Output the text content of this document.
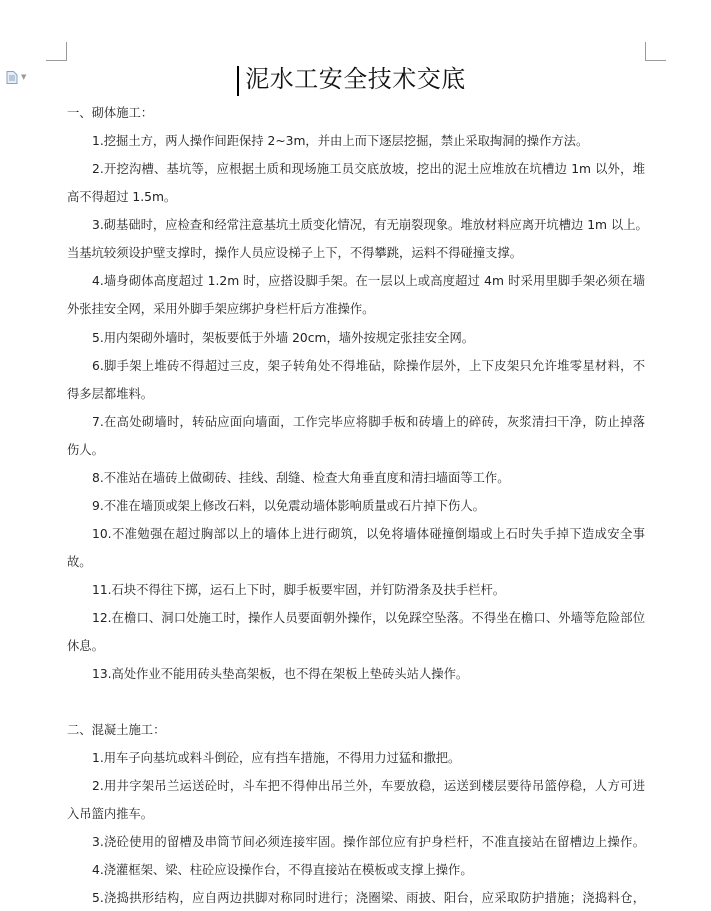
▼	泥水工安全技术交底
一、砌体施工：
1.挖掘土方，两人操作间距保持 2~3m，并由上而下逐层挖掘，禁止采取掏洞的操作方法。
2.开挖沟槽、基坑等，应根据土质和现场施工员交底放坡，挖出的泥土应堆放在坑槽边 1m 以外，堆
高不得超过 1.5m。
3.砌基础时，应检查和经常注意基坑土质变化情况，有无崩裂现象。堆放材料应离开坑槽边 1m 以上。
当基坑较须设护壁支撑时，操作人员应设梯子上下，不得攀跳，运料不得碰撞支撑。
4.墙身砌体高度超过 1.2m 时，应搭设脚手架。在一层以上或高度超过 4m 时采用里脚手架必须在墙
外张挂安全网，采用外脚手架应绑护身栏杆后方准操作。
5.用内架砌外墙时，架板要低于外墙 20cm，墙外按规定张挂安全网。
6.脚手架上堆砖不得超过三皮，架子转角处不得堆砧，除操作层外，上下皮架只允许堆零星材料，不
得多层都堆料。
7.在高处砌墙时，转砧应面向墙面，工作完毕应将脚手板和砖墙上的碎砖，灰浆清扫干净，防止掉落
伤人。
8.不准站在墙砖上做砌砖、挂线、刮缝、检查大角垂直度和清扫墙面等工作。
9.不准在墙顶或架上修改石料，以免震动墙体影响质量或石片掉下伤人。
10.不准勉强在超过胸部以上的墙体上进行砌筑，以免将墙体碰撞倒塌或上石时失手掉下造成安全事
故。
11.石块不得往下掷，运石上下时，脚手板要牢固，并钉防滑条及扶手栏杆。
12.在檐口、洞口处施工时，操作人员要面朝外操作，以免踩空坠落。不得坐在檐口、外墙等危险部位
休息。
13.高处作业不能用砖头垫高架板，也不得在架板上垫砖头站人操作。
二、混凝土施工：
1.用车子向基坑或料斗倒砼，应有挡车措施，不得用力过猛和撒把。
2.用井字架吊兰运送砼时，斗车把不得伸出吊兰外，车要放稳，运送到楼层要待吊篮停稳，人方可进
入吊篮内推车。
3.浇砼使用的留槽及串筒节间必须连接牢固。操作部位应有护身栏杆，不准直接站在留槽边上操作。
4.浇灌框架、梁、柱砼应设操作台，不得直接站在模板或支撑上操作。
5.浇捣拱形结构，应自两边拱脚对称同时进行；浇圈梁、雨披、阳台，应采取防护措施；浇捣料仓，
